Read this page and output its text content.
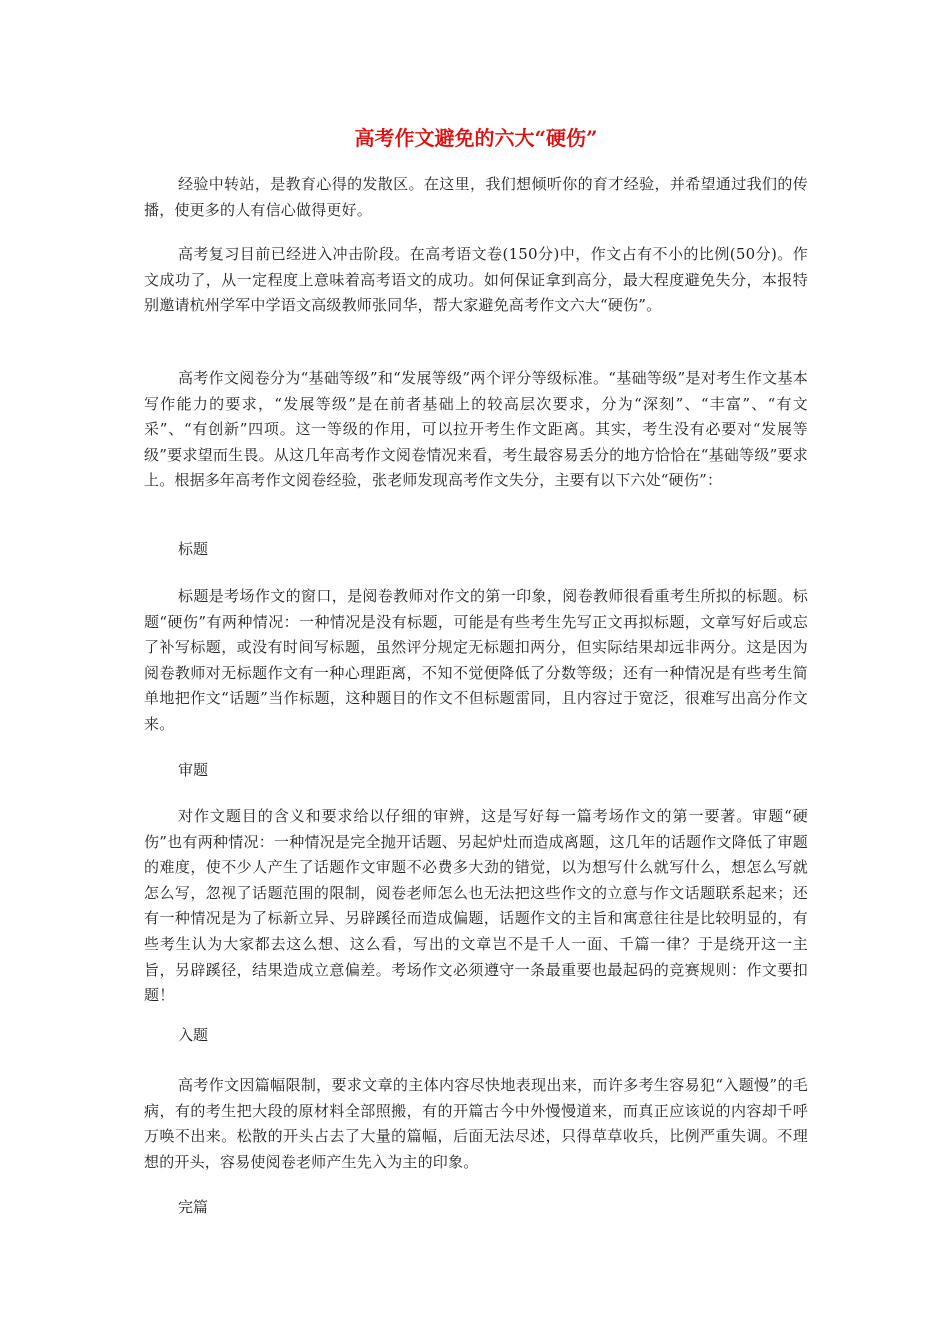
高考作文避免的六大“硬伤”

经验中转站，是教育心得的发散区。在这里，我们想倾听你的育才经验，并希望通过我们的传播，使更多的人有信心做得更好。

高考复习目前已经进入冲击阶段。在高考语文卷(150分)中，作文占有不小的比例(50分)。作文成功了，从一定程度上意味着高考语文的成功。如何保证拿到高分，最大程度避免失分，本报特别邀请杭州学军中学语文高级教师张同华，帮大家避免高考作文六大“硬伤”。

高考作文阅卷分为“基础等级”和“发展等级”两个评分等级标准。“基础等级”是对考生作文基本写作能力的要求，“发展等级”是在前者基础上的较高层次要求，分为“深刻”、“丰富”、“有文采”、“有创新”四项。这一等级的作用，可以拉开考生作文距离。其实，考生没有必要对“发展等级”要求望而生畏。从这几年高考作文阅卷情况来看，考生最容易丢分的地方恰恰在“基础等级”要求上。根据多年高考作文阅卷经验，张老师发现高考作文失分，主要有以下六处“硬伤”：

标题

标题是考场作文的窗口，是阅卷教师对作文的第一印象，阅卷教师很看重考生所拟的标题。标题“硬伤”有两种情况：一种情况是没有标题，可能是有些考生先写正文再拟标题，文章写好后或忘了补写标题，或没有时间写标题，虽然评分规定无标题扣两分，但实际结果却远非两分。这是因为阅卷教师对无标题作文有一种心理距离，不知不觉便降低了分数等级；还有一种情况是有些考生简单地把作文“话题”当作标题，这种题目的作文不但标题雷同，且内容过于宽泛，很难写出高分作文来。

审题

对作文题目的含义和要求给以仔细的审辨，这是写好每一篇考场作文的第一要著。审题“硬伤”也有两种情况：一种情况是完全抛开话题、另起炉灶而造成离题，这几年的话题作文降低了审题的难度，使不少人产生了话题作文审题不必费多大劲的错觉，以为想写什么就写什么，想怎么写就怎么写，忽视了话题范围的限制，阅卷老师怎么也无法把这些作文的立意与作文话题联系起来；还有一种情况是为了标新立异、另辟蹊径而造成偏题，话题作文的主旨和寓意往往是比较明显的，有些考生认为大家都去这么想、这么看，写出的文章岂不是千人一面、千篇一律？于是绕开这一主旨，另辟蹊径，结果造成立意偏差。考场作文必须遵守一条最重要也最起码的竞赛规则：作文要扣题！

入题

高考作文因篇幅限制，要求文章的主体内容尽快地表现出来，而许多考生容易犯“入题慢”的毛病，有的考生把大段的原材料全部照搬，有的开篇古今中外慢慢道来，而真正应该说的内容却千呼万唤不出来。松散的开头占去了大量的篇幅，后面无法尽述，只得草草收兵，比例严重失调。不理想的开头，容易使阅卷老师产生先入为主的印象。

完篇
